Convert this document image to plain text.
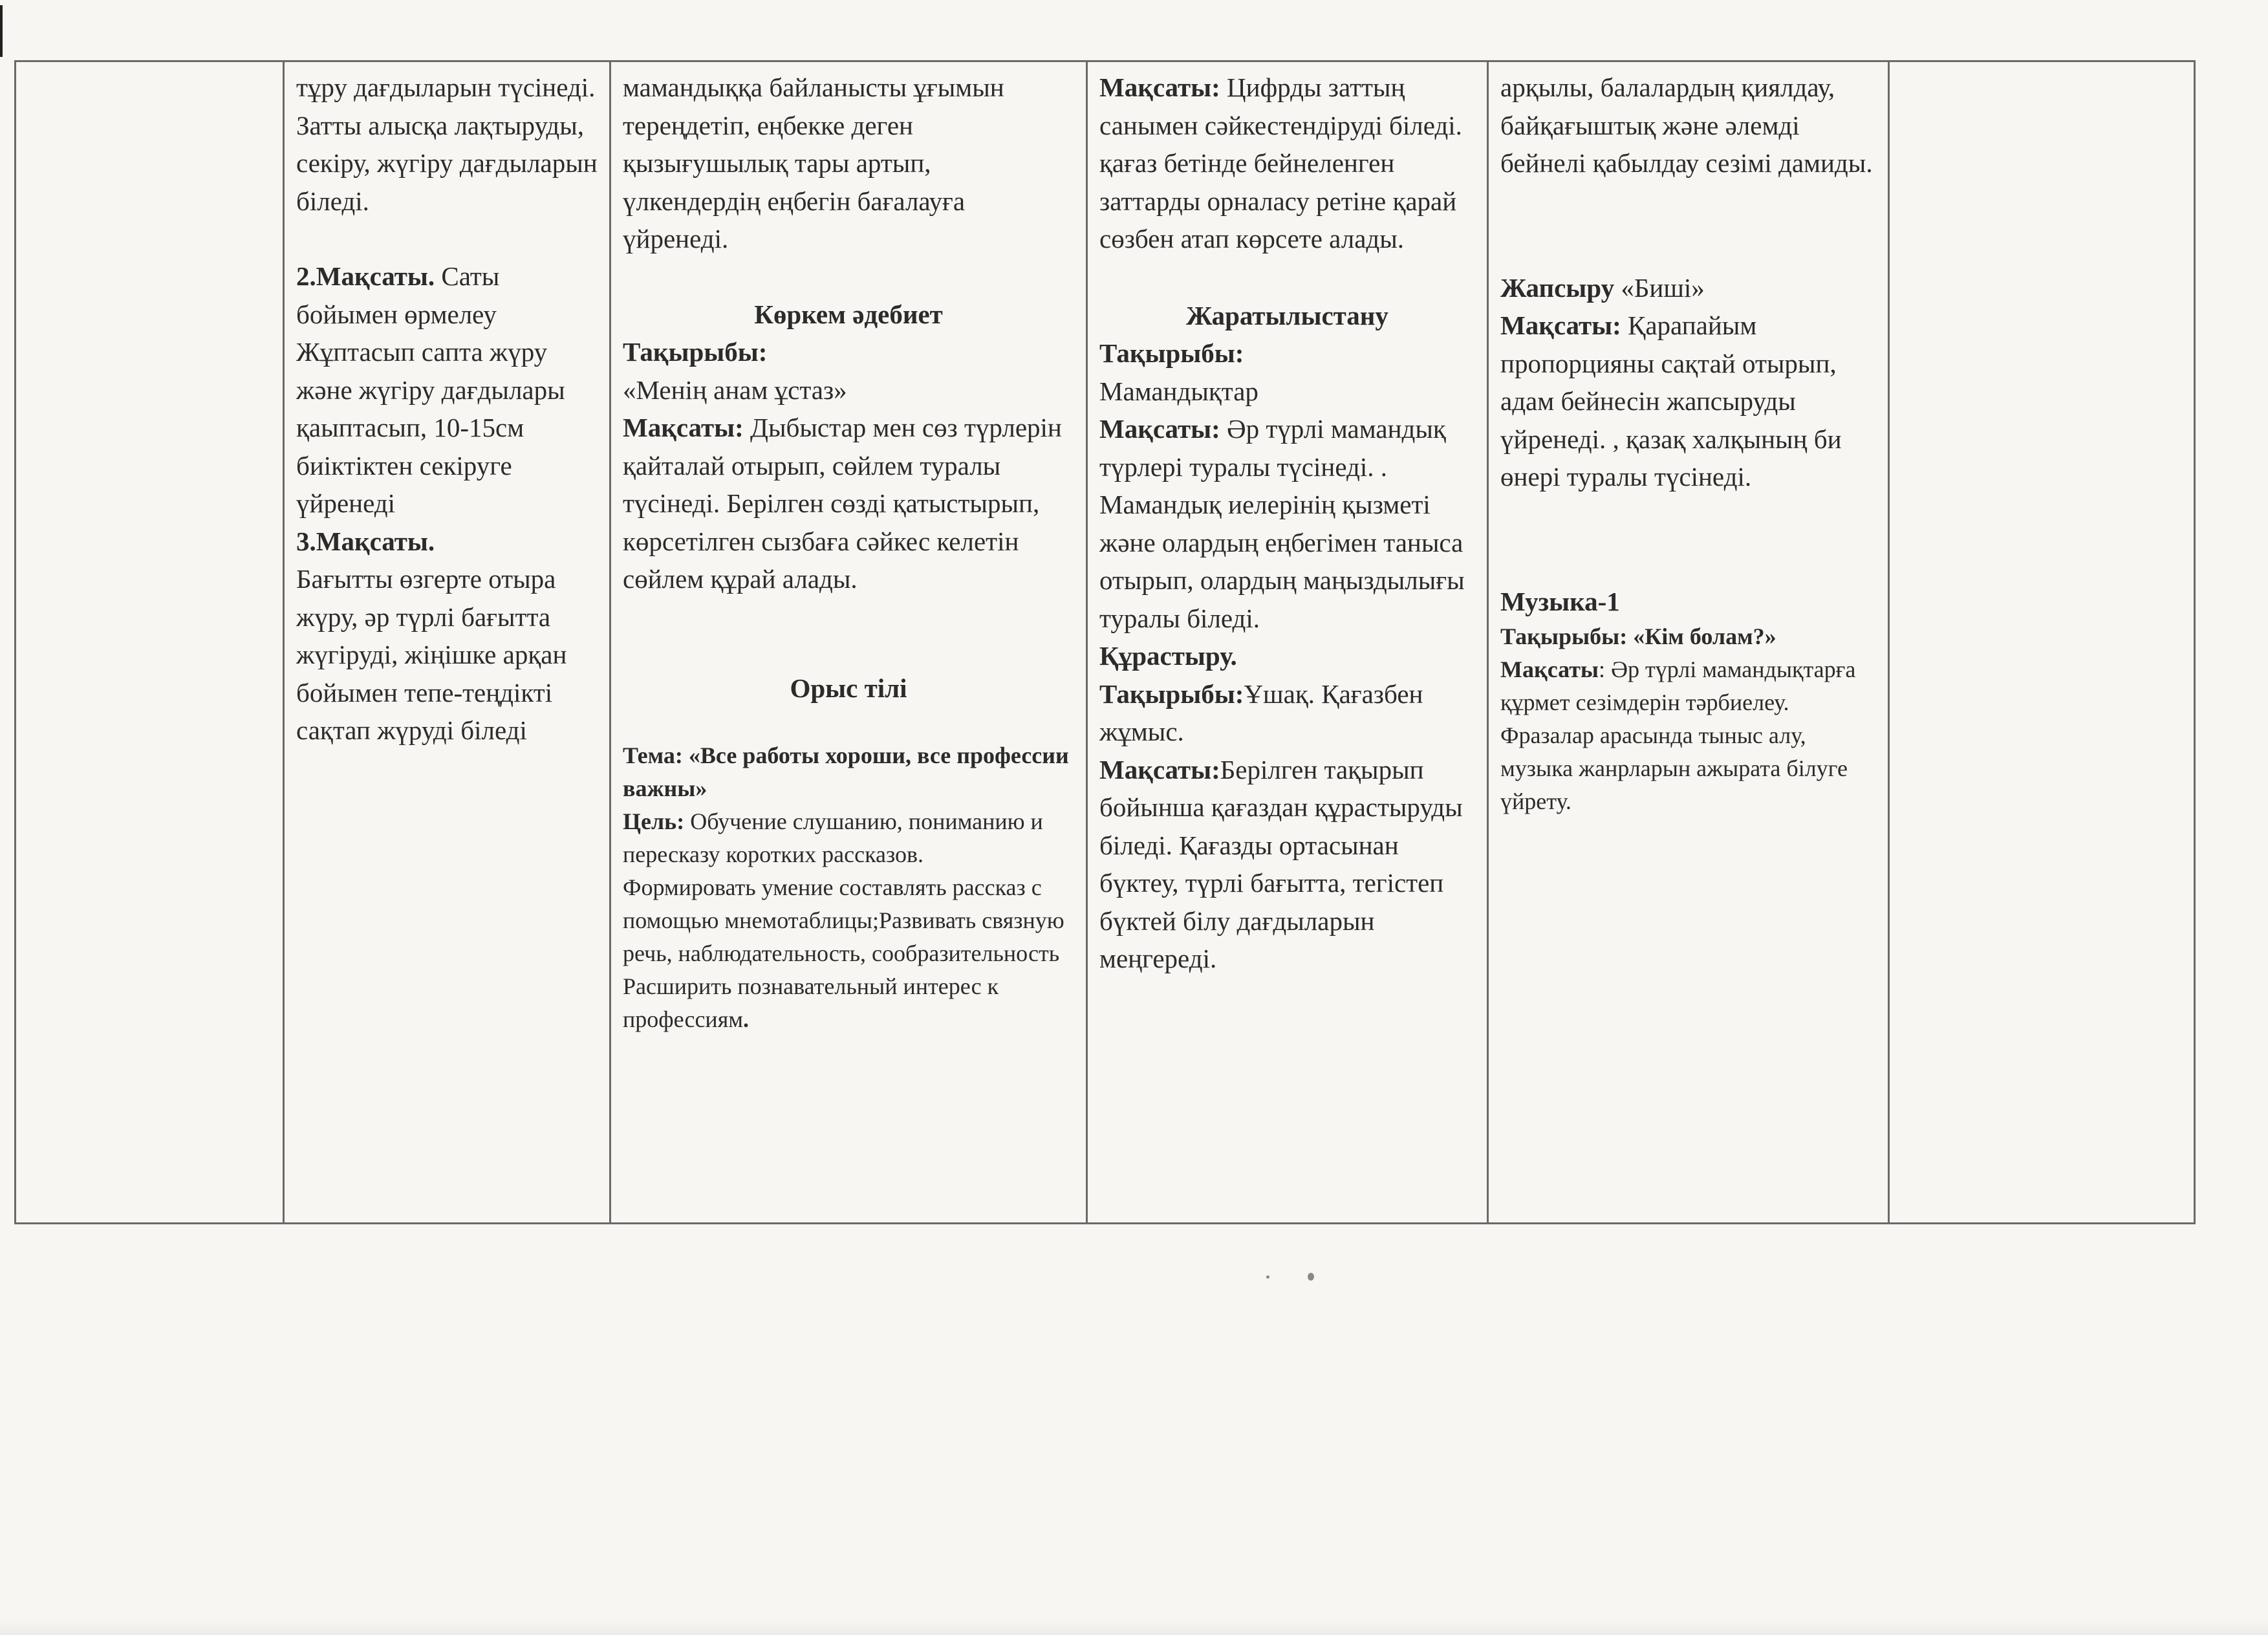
тұру дағдыларын түсінеді. Затты алысқа лақтыруды, секіру, жүгіру дағдыларын біледі.
2.Мақсаты. Саты бойымен өрмелеу Жұптасып сапта жүру және жүгіру дағдылары қаыптасып, 10-15см биіктіктен секіруге үйренеді
3.Мақсаты.
Бағытты өзгерте отыра жүру, әр түрлі бағытта жүгіруді, жіңішке арқан бойымен тепе-теңдікті сақтап жүруді біледі

мамандыққа байланысты ұғымын тереңдетіп, еңбекке деген қызығушылық тары артып, үлкендердің еңбегін бағалауға үйренеді.
Көркем әдебиет
Тақырыбы:
«Менің анам ұстаз»
Мақсаты: Дыбыстар мен сөз түрлерін қайталай отырып, сөйлем туралы түсінеді. Берілген сөзді қатыстырып, көрсетілген сызбаға сәйкес келетін сөйлем құрай алады.
Орыс тілі
Тема: «Все работы хороши, все профессии важны»
Цель: Обучение слушанию, пониманию и пересказу коротких рассказов.
Формировать умение составлять рассказ с помощью мнемотаблицы;Развивать связную речь, наблюдательность, сообразительность
Расширить познавательный интерес к профессиям.

Мақсаты: Цифрды заттың санымен сәйкестендіруді біледі. қағаз бетінде бейнеленген заттарды орналасу ретіне қарай сөзбен атап көрсете алады.
Жаратылыстану
Тақырыбы:
Мамандықтар
Мақсаты: Әр түрлі мамандық түрлері туралы түсінеді. . Мамандық иелерінің қызметі және олардың еңбегімен таныса отырып, олардың маңыздылығы туралы біледі.
Құрастыру.
Тақырыбы:Ұшақ. Қағазбен жұмыс.
Мақсаты:Берілген тақырып бойынша қағаздан құрастыруды біледі. Қағазды ортасынан бүктеу, түрлі бағытта, тегістеп бүктей білу дағдыларын меңгереді.

арқылы, балалардың қиялдау, байқағыштық және әлемді бейнелі қабылдау сезімі дамиды.
Жапсыру «Биші»
Мақсаты: Қарапайым пропорцияны сақтай отырып, адам бейнесін жапсыруды үйренеді. , қазақ халқының би өнері туралы түсінеді.
Музыка-1
Тақырыбы: «Кім болам?»
Мақсаты: Әр түрлі мамандықтарға құрмет сезімдерін тәрбиелеу. Фразалар арасында тыныс алу, музыка жанрларын ажырата білуге үйрету.
